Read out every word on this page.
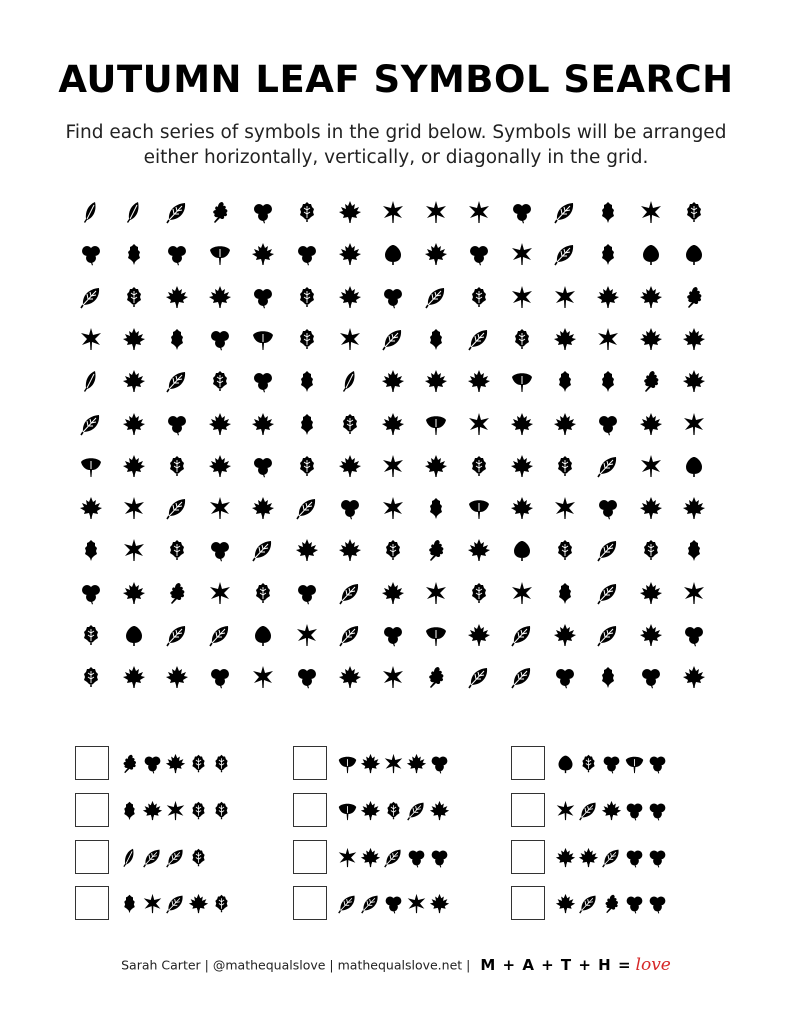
AUTUMN LEAF SYMBOL SEARCH

Find each series of symbols in the grid below. Symbols will be arranged either horizontally, vertically, or diagonally in the grid.

Sarah Carter | @mathequalslove | mathequalslove.net | M + A + T + H = love
